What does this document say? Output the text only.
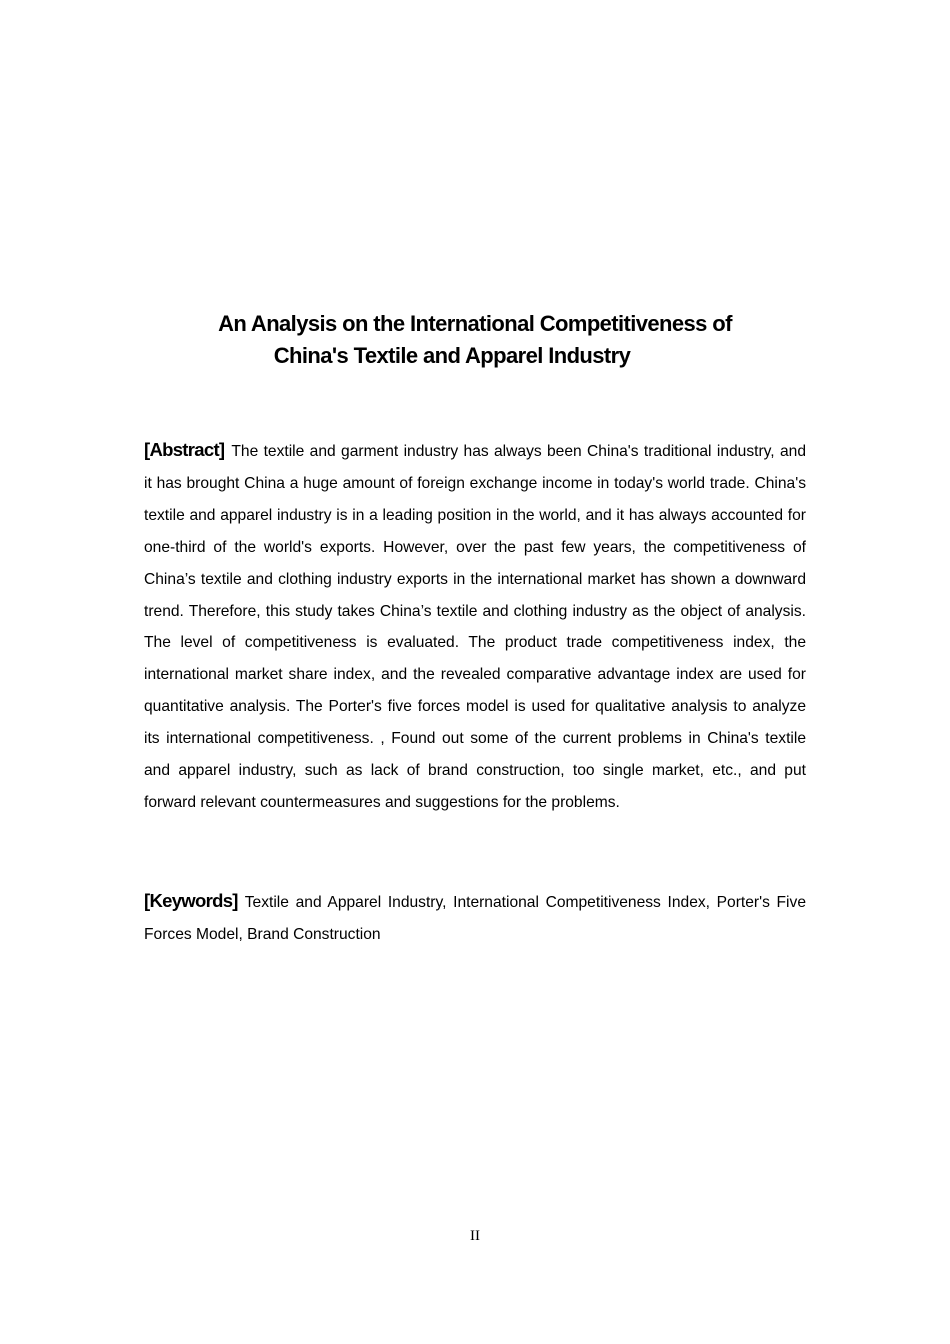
An Analysis on the International Competitiveness of
China's Textile and Apparel Industry

[Abstract] The textile and garment industry has always been China's traditional industry, and it has brought China a huge amount of foreign exchange income in today's world trade. China's textile and apparel industry is in a leading position in the world, and it has always accounted for one-third of the world's exports. However, over the past few years, the competitiveness of China’s textile and clothing industry exports in the international market has shown a downward trend. Therefore, this study takes China’s textile and clothing industry as the object of analysis. The level of competitiveness is evaluated. The product trade competitiveness index, the international market share index, and the revealed comparative advantage index are used for quantitative analysis. The Porter's five forces model is used for qualitative analysis to analyze its international competitiveness. , Found out some of the current problems in China's textile and apparel industry, such as lack of brand construction, too single market, etc., and put forward relevant countermeasures and suggestions for the problems.

[Keywords] Textile and Apparel Industry, International Competitiveness Index, Porter's Five Forces Model, Brand Construction

II
